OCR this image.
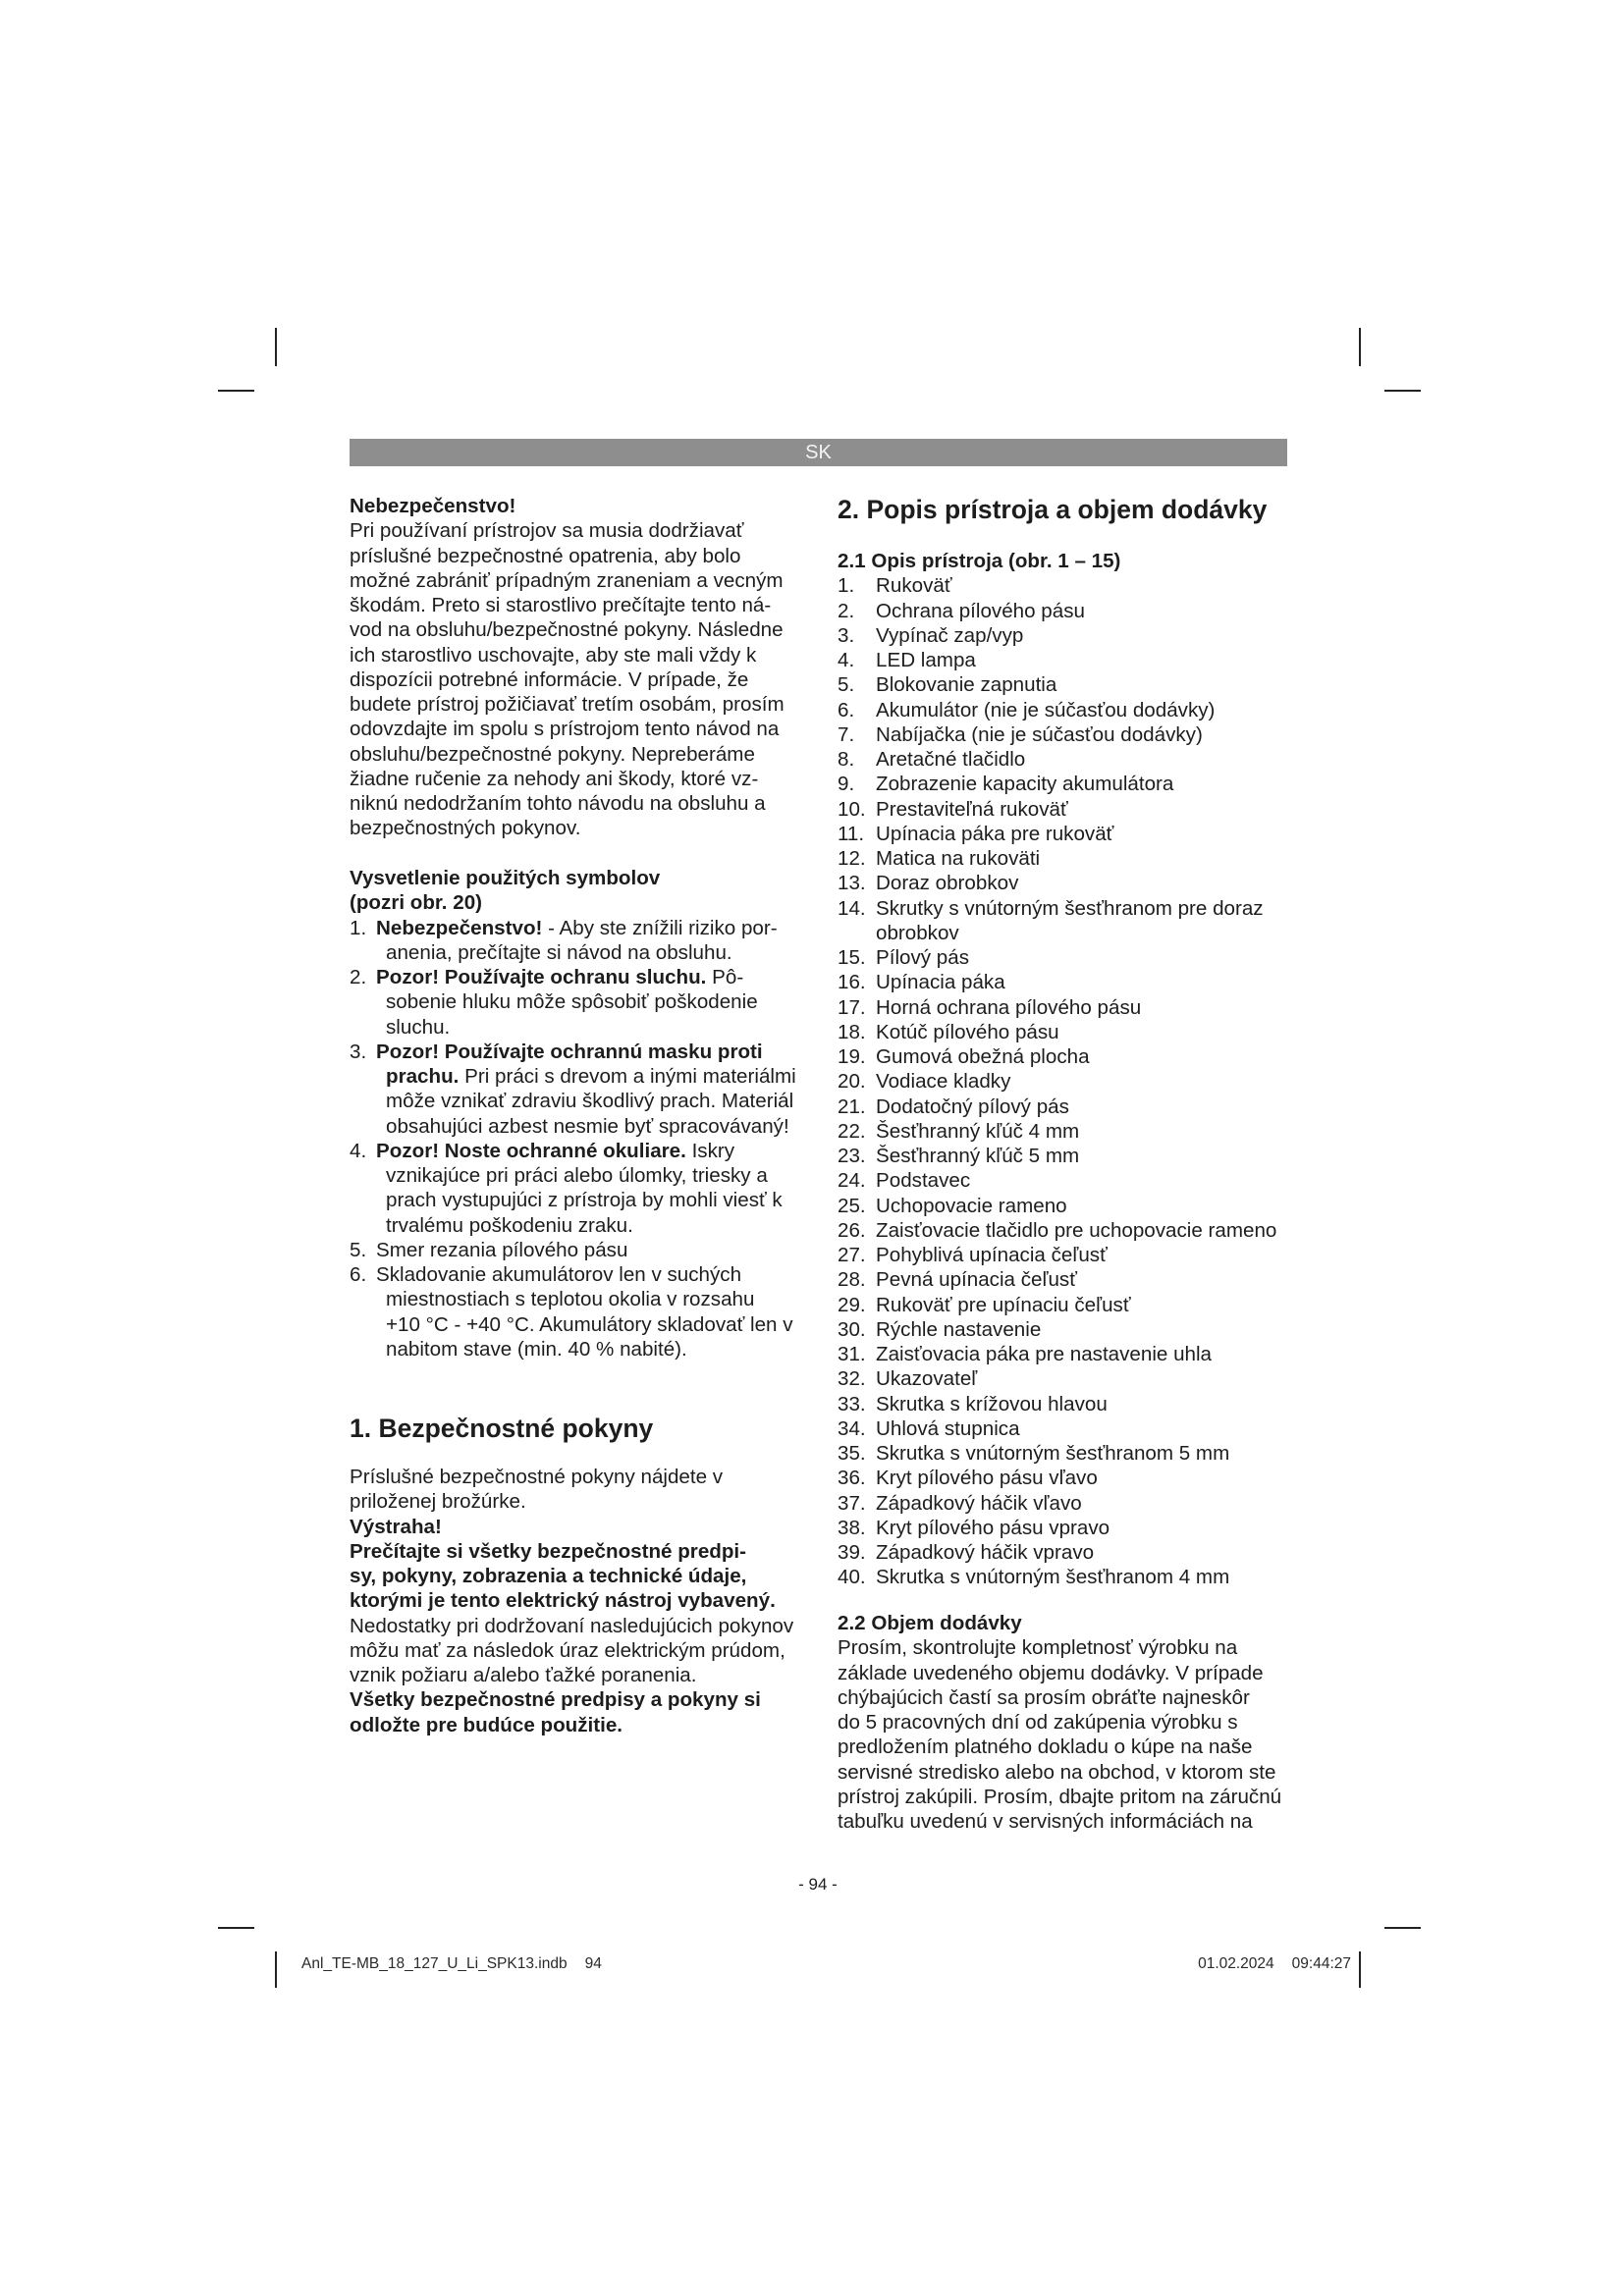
SK
Nebezpečenstvo!
Pri používaní prístrojov sa musia dodržiavať
príslušné bezpečnostné opatrenia, aby bolo
možné zabrániť prípadným zraneniam a vecným
škodám. Preto si starostlivo prečítajte tento ná-
vod na obsluhu/bezpečnostné pokyny. Následne
ich starostlivo uschovajte, aby ste mali vždy k
dispozícii potrebné informácie. V prípade, že
budete prístroj požičiavať tretím osobám, prosím
odovzdajte im spolu s prístrojom tento návod na
obsluhu/bezpečnostné pokyny. Nepreberáme
žiadne ručenie za nehody ani škody, ktoré vz-
niknú nedodržaním tohto návodu na obsluhu a
bezpečnostných pokynov.
Vysvetlenie použitých symbolov
(pozri obr. 20)
1. Nebezpečenstvo! - Aby ste znížili riziko por-
anenia, prečítajte si návod na obsluhu.
2. Pozor! Používajte ochranu sluchu. Pô-
sobenie hluku môže spôsobiť poškodenie
sluchu.
3. Pozor! Používajte ochrannú masku proti
prachu. Pri práci s drevom a inými materiálmi
môže vznikať zdraviu škodlivý prach. Materiál
obsahujúci azbest nesmie byť spracovávaný!
4. Pozor! Noste ochranné okuliare. Iskry
vznikajúce pri práci alebo úlomky, triesky a
prach vystupujúci z prístroja by mohli viesť k
trvalému poškodeniu zraku.
5. Smer rezania pílového pásu
6. Skladovanie akumulátorov len v suchých
miestnostiach s teplotou okolia v rozsahu
+10 °C - +40 °C. Akumulátory skladovať len v
nabitom stave (min. 40 % nabité).
1. Bezpečnostné pokyny
Príslušné bezpečnostné pokyny nájdete v
priloženej brožúrke.
Výstraha!
Prečítajte si všetky bezpečnostné predpi-
sy, pokyny, zobrazenia a technické údaje,
ktorými je tento elektrický nástroj vybavený.
Nedostatky pri dodržovaní nasledujúcich pokynov
môžu mať za následok úraz elektrickým prúdom,
vznik požiaru a/alebo ťažké poranenia.
Všetky bezpečnostné predpisy a pokyny si
odložte pre budúce použitie.
2. Popis prístroja a objem dodávky
2.1 Opis prístroja (obr. 1 – 15)
1. Rukoväť
2. Ochrana pílového pásu
3. Vypínač zap/vyp
4. LED lampa
5. Blokovanie zapnutia
6. Akumulátor (nie je súčasťou dodávky)
7. Nabíjačka (nie je súčasťou dodávky)
8. Aretačné tlačidlo
9. Zobrazenie kapacity akumulátora
10. Prestaviteľná rukoväť
11. Upínacia páka pre rukoväť
12. Matica na rukoväti
13. Doraz obrobkov
14. Skrutky s vnútorným šesťhranom pre doraz
obrobkov
15. Pílový pás
16. Upínacia páka
17. Horná ochrana pílového pásu
18. Kotúč pílového pásu
19. Gumová obežná plocha
20. Vodiace kladky
21. Dodatočný pílový pás
22. Šesťhranný kľúč 4 mm
23. Šesťhranný kľúč 5 mm
24. Podstavec
25. Uchopovacie rameno
26. Zaisťovacie tlačidlo pre uchopovacie rameno
27. Pohyblivá upínacia čeľusť
28. Pevná upínacia čeľusť
29. Rukoväť pre upínaciu čeľusť
30. Rýchle nastavenie
31. Zaisťovacia páka pre nastavenie uhla
32. Ukazovateľ
33. Skrutka s krížovou hlavou
34. Uhlová stupnica
35. Skrutka s vnútorným šesťhranom 5 mm
36. Kryt pílového pásu vľavo
37. Západkový háčik vľavo
38. Kryt pílového pásu vpravo
39. Západkový háčik vpravo
40. Skrutka s vnútorným šesťhranom 4 mm
2.2 Objem dodávky
Prosím, skontrolujte kompletnosť výrobku na
základe uvedeného objemu dodávky. V prípade
chýbajúcich častí sa prosím obráťte najneskôr
do 5 pracovných dní od zakúpenia výrobku s
predložením platného dokladu o kúpe na naše
servisné stredisko alebo na obchod, v ktorom ste
prístroj zakúpili. Prosím, dbajte pritom na záručnú
tabuľku uvedenú v servisných informáciách na
- 94 -
Anl_TE-MB_18_127_U_Li_SPK13.indb 94	01.02.2024 09:44:27
